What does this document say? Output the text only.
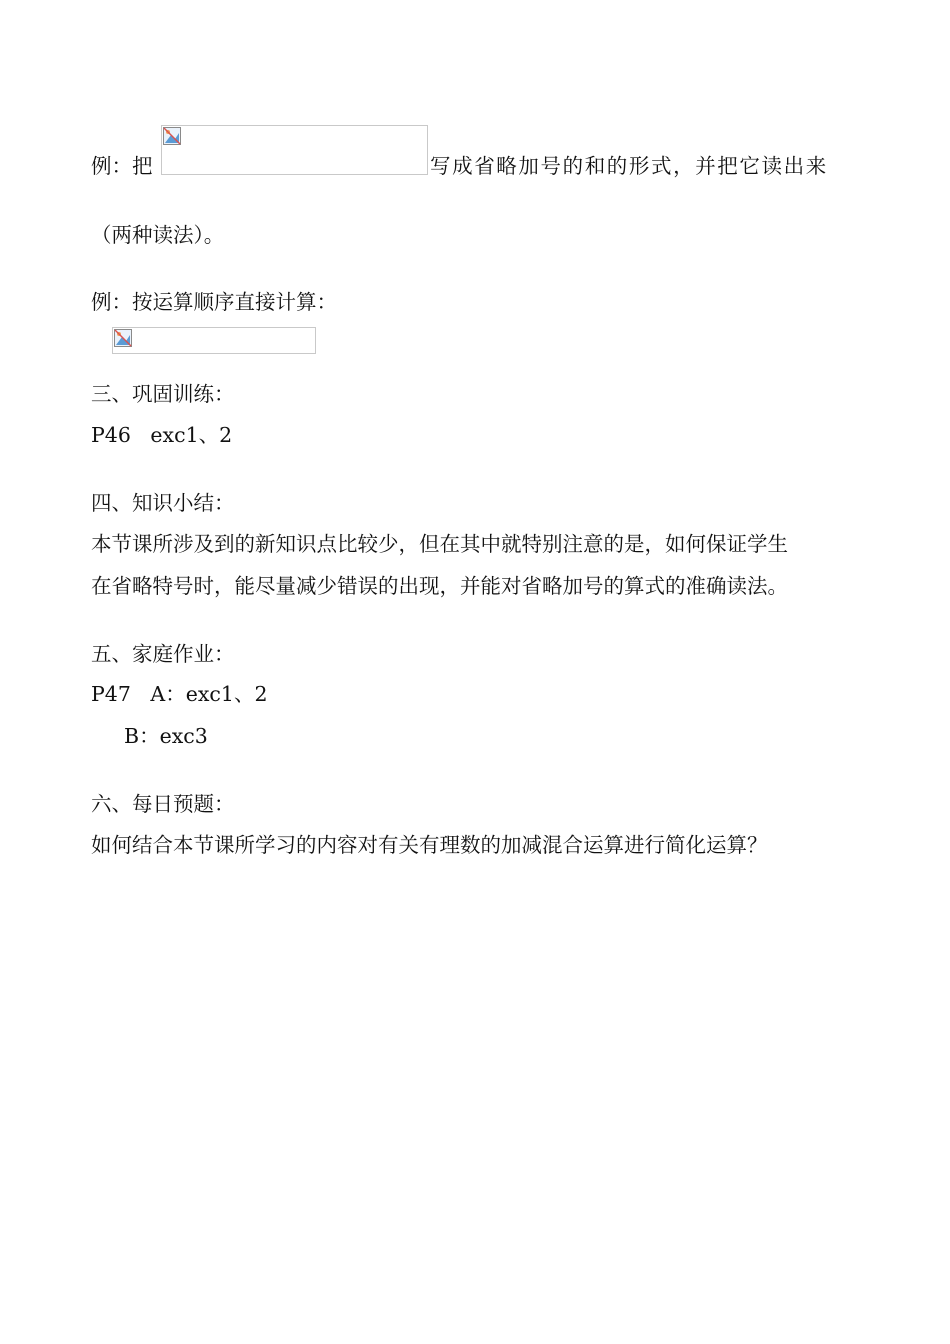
例：把	写成省略加号的和的形式，并把它读出来
（两种读法）。
例：按运算顺序直接计算：
三、巩固训练：
P46   exc1、2
四、知识小结：
本节课所涉及到的新知识点比较少，但在其中就特别注意的是，如何保证学生
在省略特号时，能尽量减少错误的出现，并能对省略加号的算式的准确读法。
五、家庭作业：
P47   A：exc1、2
B：exc3
六、每日预题：
如何结合本节课所学习的内容对有关有理数的加减混合运算进行简化运算？
